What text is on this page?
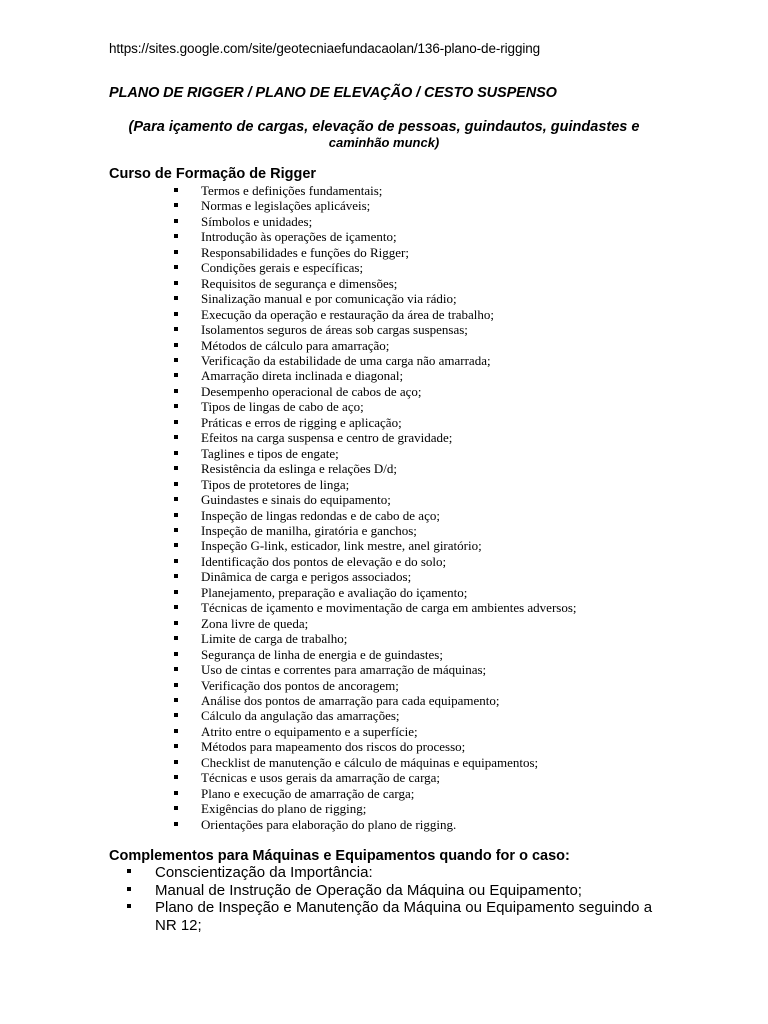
https://sites.google.com/site/geotecniaefundacaolan/136-plano-de-rigging
PLANO DE RIGGER / PLANO DE ELEVAÇÃO / CESTO SUSPENSO
(Para içamento de cargas, elevação de pessoas, guindautos, guindastes e
caminhão munck)
Curso de Formação de Rigger
Termos e definições fundamentais;
Normas e legislações aplicáveis;
Símbolos e unidades;
Introdução às operações de içamento;
Responsabilidades e funções do Rigger;
Condições gerais e específicas;
Requisitos de segurança e dimensões;
Sinalização manual e por comunicação via rádio;
Execução da operação e restauração da área de trabalho;
Isolamentos seguros de áreas sob cargas suspensas;
Métodos de cálculo para amarração;
Verificação da estabilidade de uma carga não amarrada;
Amarração direta inclinada e diagonal;
Desempenho operacional de cabos de aço;
Tipos de lingas de cabo de aço;
Práticas e erros de rigging e aplicação;
Efeitos na carga suspensa e centro de gravidade;
Taglines e tipos de engate;
Resistência da eslinga e relações D/d;
Tipos de protetores de linga;
Guindastes e sinais do equipamento;
Inspeção de lingas redondas e de cabo de aço;
Inspeção de manilha, giratória e ganchos;
Inspeção G-link, esticador, link mestre, anel giratório;
Identificação dos pontos de elevação e do solo;
Dinâmica de carga e perigos associados;
Planejamento, preparação e avaliação do içamento;
Técnicas de içamento e movimentação de carga em ambientes adversos;
Zona livre de queda;
Limite de carga de trabalho;
Segurança de linha de energia e de guindastes;
Uso de cintas e correntes para amarração de máquinas;
Verificação dos pontos de ancoragem;
Análise dos pontos de amarração para cada equipamento;
Cálculo da angulação das amarrações;
Atrito entre o equipamento e a superfície;
Métodos para mapeamento dos riscos do processo;
Checklist de manutenção e cálculo de máquinas e equipamentos;
Técnicas e usos gerais da amarração de carga;
Plano e execução de amarração de carga;
Exigências do plano de rigging;
Orientações para elaboração do plano de rigging.
Complementos para Máquinas e Equipamentos quando for o caso:
Conscientização da Importância:
Manual de Instrução de Operação da Máquina ou Equipamento;
Plano de Inspeção e Manutenção da Máquina ou Equipamento seguindo a NR 12;
